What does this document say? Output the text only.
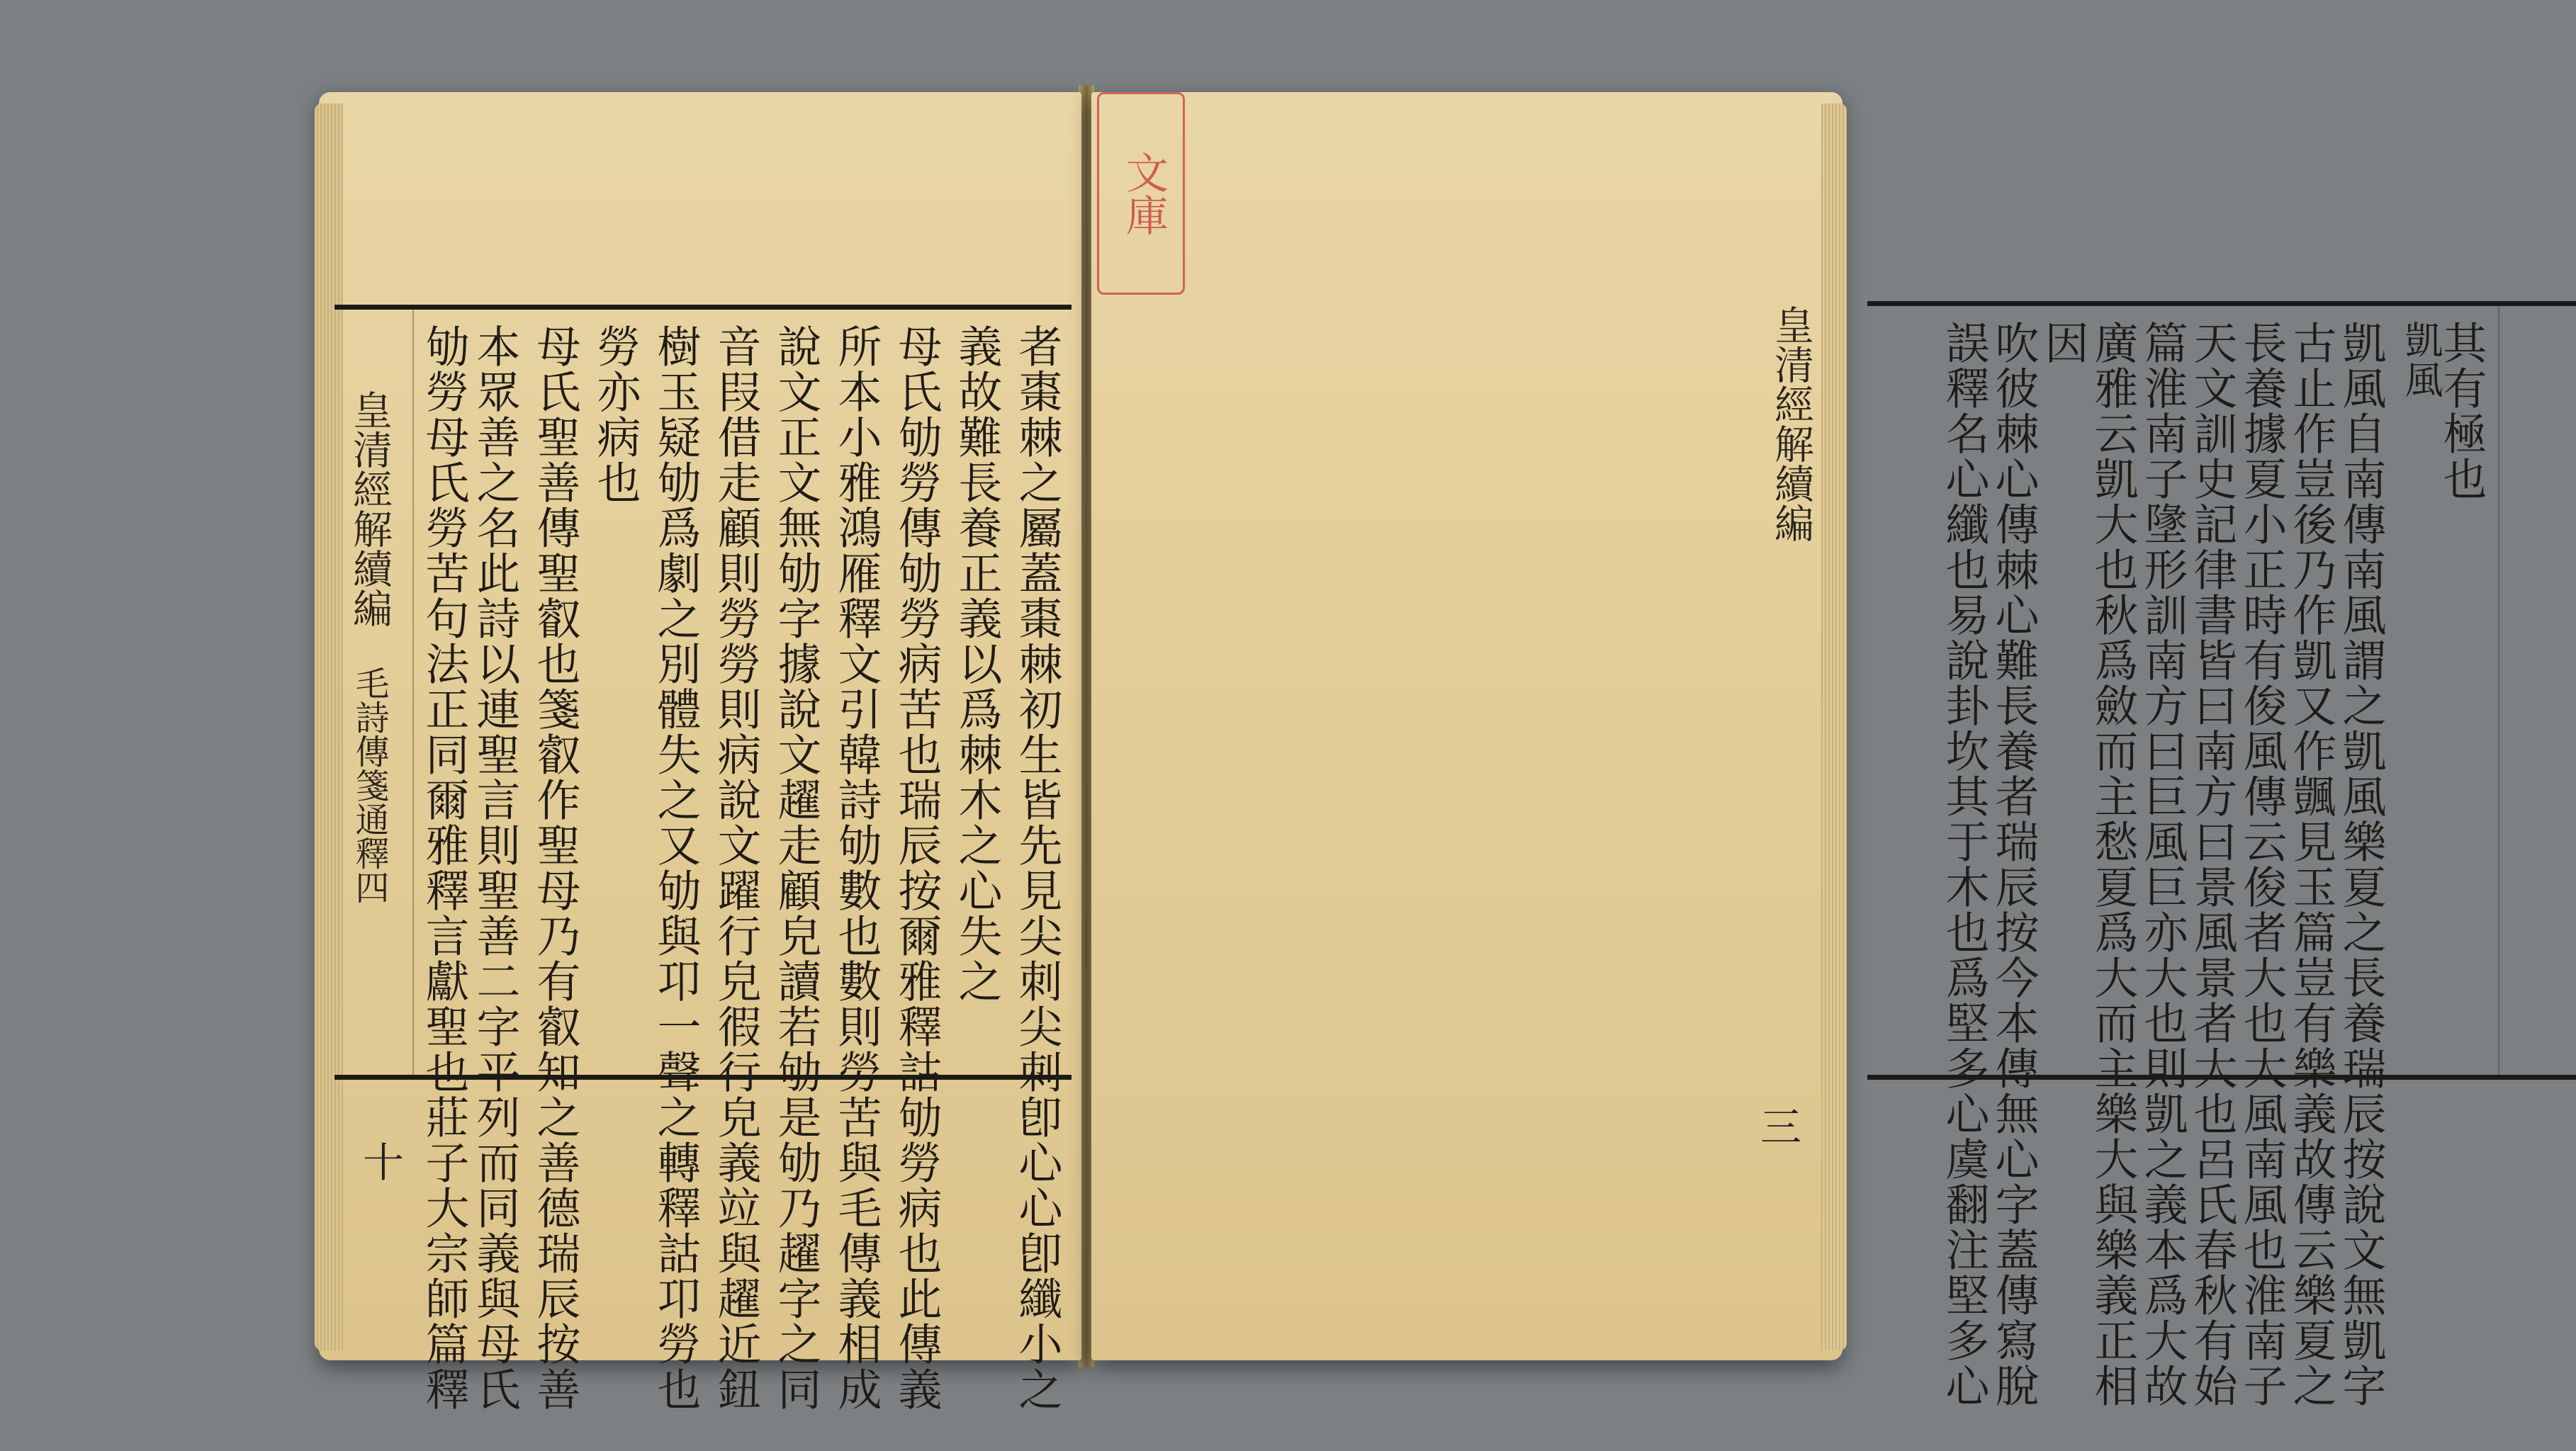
皇清經解續編
毛詩傳箋通釋四
十	者棗棘之屬蓋棗棘初生皆先見尖刺尖刺卽心心卽纖小之
義故難長養正義以爲棘木之心失之
母氏劬勞傳劬勞病苦也瑞辰按爾雅釋詁劬勞病也此傳義
所本小雅鴻雁釋文引韓詩劬數也數則勞苦與毛傳義相成
說文正文無劬字據說文趯走顧皃讀若劬是劬乃趯字之同
音叚借走顧則勞勞則病說文躍行皃徦行皃義竝與趯近鈕
樹玉疑劬爲劇之別體失之又劬與卭一聲之轉釋詁卭勞也
勞亦病也
母氏聖善傳聖叡也箋叡作聖母乃有叡知之善德瑞辰按善
本眾善之名此詩以連聖言則聖善二字平列而同義與母氏
劬勞母氏勞苦句法正同爾雅釋言獻聖也莊子大宗師篇釋	皇清經解續編
三
其有極也
凱風
凱風自南傳南風謂之凱風樂夏之長養瑞辰按說文無凱字
古止作豈後乃作凱又作颽見玉篇豈有樂義故傳云樂夏之
長養據夏小正時有俊風傳云俊者大也大風南風也淮南子
天文訓史記律書皆曰南方曰景風景者大也呂氏春秋有始
篇淮南子墬形訓南方曰巨風巨亦大也則凱之義本爲大故
廣雅云凱大也秋爲斂而主愁夏爲大而主樂大與樂義正相
因
吹彼棘心傳棘心難長養者瑞辰按今本傳無心字蓋傳寫脫
誤釋名心纖也易說卦坎其于木也爲堅多心虞翻注堅多心
文庫
